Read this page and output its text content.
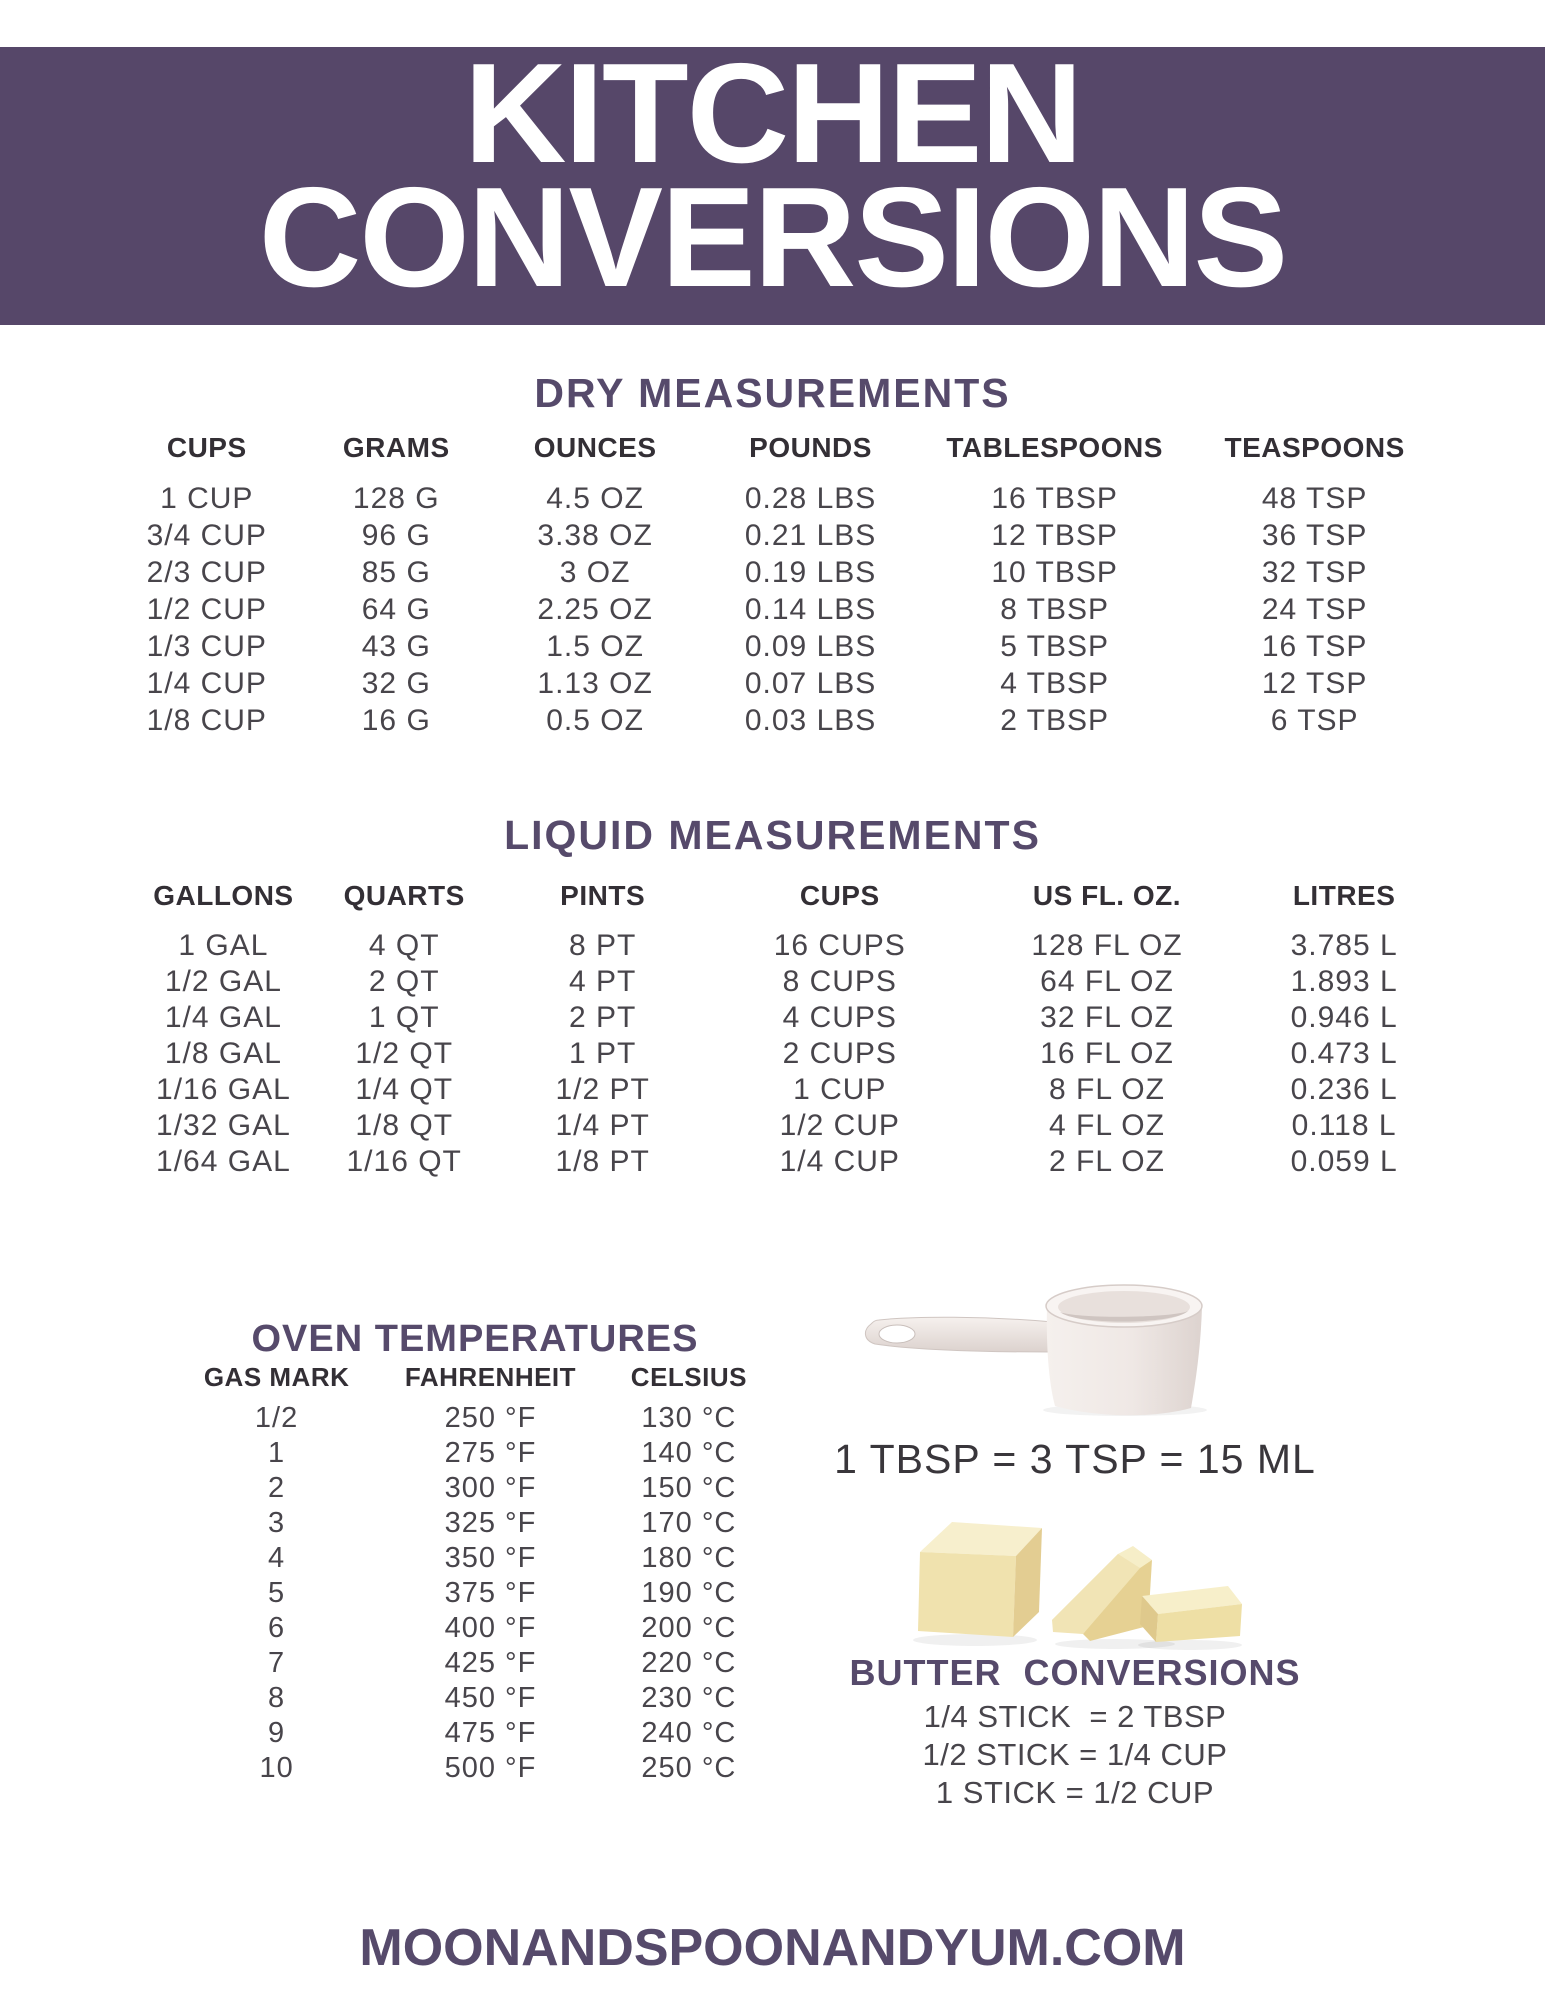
KITCHEN
CONVERSIONS
DRY MEASUREMENTS
CUPS	GRAMS	OUNCES	POUNDS	TABLESPOONS	TEASPOONS
1 CUP	128 G	4.5 OZ	0.28 LBS	16 TBSP	48 TSP
3/4 CUP	96 G	3.38 OZ	0.21 LBS	12 TBSP	36 TSP
2/3 CUP	85 G	3 OZ	0.19 LBS	10 TBSP	32 TSP
1/2 CUP	64 G	2.25 OZ	0.14 LBS	8 TBSP	24 TSP
1/3 CUP	43 G	1.5 OZ	0.09 LBS	5 TBSP	16 TSP
1/4 CUP	32 G	1.13 OZ	0.07 LBS	4 TBSP	12 TSP
1/8 CUP	16 G	0.5 OZ	0.03 LBS	2 TBSP	6 TSP
LIQUID MEASUREMENTS
GALLONS	QUARTS	PINTS	CUPS	US FL. OZ.	LITRES
1 GAL	4 QT	8 PT	16 CUPS	128 FL OZ	3.785 L
1/2 GAL	2 QT	4 PT	8 CUPS	64 FL OZ	1.893 L
1/4 GAL	1 QT	2 PT	4 CUPS	32 FL OZ	0.946 L
1/8 GAL	1/2 QT	1 PT	2 CUPS	16 FL OZ	0.473 L
1/16 GAL	1/4 QT	1/2 PT	1 CUP	8 FL OZ	0.236 L
1/32 GAL	1/8 QT	1/4 PT	1/2 CUP	4 FL OZ	0.118 L
1/64 GAL	1/16 QT	1/8 PT	1/4 CUP	2 FL OZ	0.059 L
OVEN TEMPERATURES
GAS MARK	FAHRENHEIT	CELSIUS
1/2	250 °F	130 °C
1	275 °F	140 °C
2	300 °F	150 °C
3	325 °F	170 °C
4	350 °F	180 °C
5	375 °F	190 °C
6	400 °F	200 °C
7	425 °F	220 °C
8	450 °F	230 °C
9	475 °F	240 °C
10	500 °F	250 °C
1 TBSP = 3 TSP = 15 ML
BUTTER  CONVERSIONS
1/4 STICK  = 2 TBSP
1/2 STICK = 1/4 CUP
1 STICK = 1/2 CUP
MOONANDSPOONANDYUM.COM
